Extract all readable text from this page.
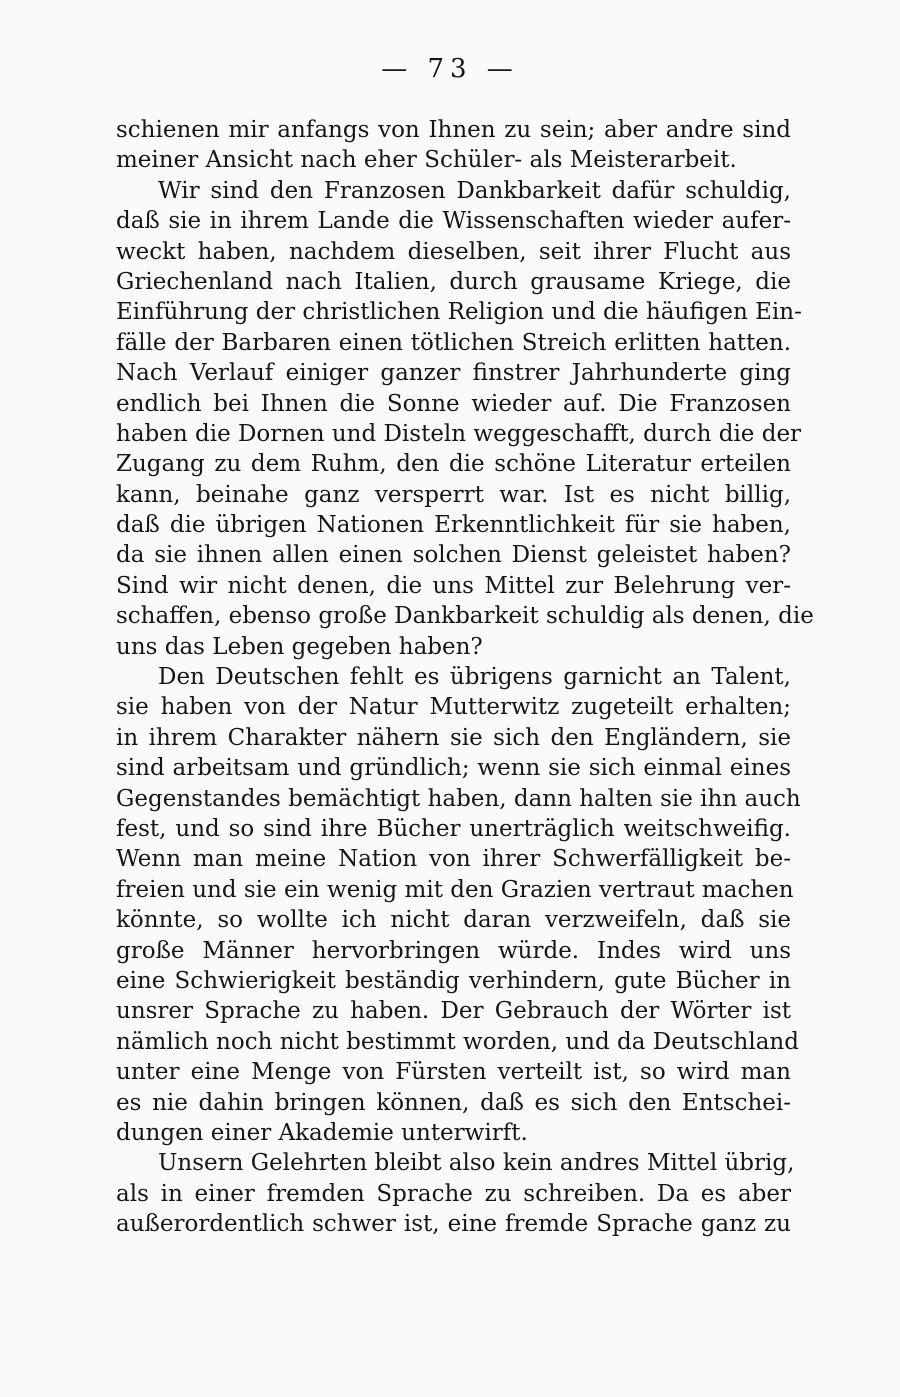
— 73 —
schienen mir anfangs von Ihnen zu sein; aber andre sind
meiner Ansicht nach eher Schüler- als Meisterarbeit.
Wir sind den Franzosen Dankbarkeit dafür schuldig,
daß sie in ihrem Lande die Wissenschaften wieder aufer-
weckt haben, nachdem dieselben, seit ihrer Flucht aus
Griechenland nach Italien, durch grausame Kriege, die
Einführung der christlichen Religion und die häufigen Ein-
fälle der Barbaren einen tötlichen Streich erlitten hatten.
Nach Verlauf einiger ganzer finstrer Jahrhunderte ging
endlich bei Ihnen die Sonne wieder auf. Die Franzosen
haben die Dornen und Disteln weggeschafft, durch die der
Zugang zu dem Ruhm, den die schöne Literatur erteilen
kann, beinahe ganz versperrt war. Ist es nicht billig,
daß die übrigen Nationen Erkenntlichkeit für sie haben,
da sie ihnen allen einen solchen Dienst geleistet haben?
Sind wir nicht denen, die uns Mittel zur Belehrung ver-
schaffen, ebenso große Dankbarkeit schuldig als denen, die
uns das Leben gegeben haben?
Den Deutschen fehlt es übrigens garnicht an Talent,
sie haben von der Natur Mutterwitz zugeteilt erhalten;
in ihrem Charakter nähern sie sich den Engländern, sie
sind arbeitsam und gründlich; wenn sie sich einmal eines
Gegenstandes bemächtigt haben, dann halten sie ihn auch
fest, und so sind ihre Bücher unerträglich weitschweifig.
Wenn man meine Nation von ihrer Schwerfälligkeit be-
freien und sie ein wenig mit den Grazien vertraut machen
könnte, so wollte ich nicht daran verzweifeln, daß sie
große Männer hervorbringen würde. Indes wird uns
eine Schwierigkeit beständig verhindern, gute Bücher in
unsrer Sprache zu haben. Der Gebrauch der Wörter ist
nämlich noch nicht bestimmt worden, und da Deutschland
unter eine Menge von Fürsten verteilt ist, so wird man
es nie dahin bringen können, daß es sich den Entschei-
dungen einer Akademie unterwirft.
Unsern Gelehrten bleibt also kein andres Mittel übrig,
als in einer fremden Sprache zu schreiben. Da es aber
außerordentlich schwer ist, eine fremde Sprache ganz zu
